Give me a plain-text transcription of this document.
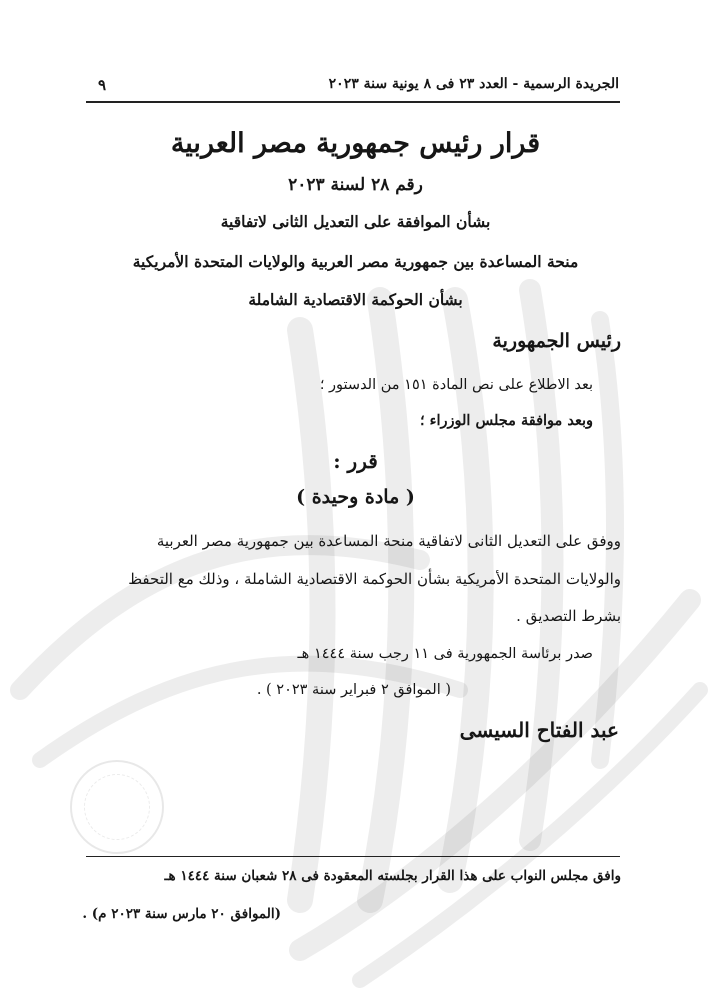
الجريدة الرسمية - العدد ٢٣ فى ٨ يونية سنة ٢٠٢٣
٩
قرار رئيس جمهورية مصر العربية
رقم ٢٨ لسنة ٢٠٢٣
بشأن الموافقة على التعديل الثانى لاتفاقية
منحة المساعدة بين جمهورية مصر العربية والولايات المتحدة الأمريكية
بشأن الحوكمة الاقتصادية الشاملة
رئيس الجمهورية
بعد الاطلاع على نص المادة ١٥١ من الدستور ؛
وبعد موافقة مجلس الوزراء ؛
قرر :
( مادة وحيدة )
ووفق على التعديل الثانى لاتفاقية منحة المساعدة بين جمهورية مصر العربية
والولايات المتحدة الأمريكية بشأن الحوكمة الاقتصادية الشاملة ، وذلك مع التحفظ
بشرط التصديق .
صدر برئاسة الجمهورية فى ١١ رجب سنة ١٤٤٤ هـ
( الموافق ٢ فبراير سنة ٢٠٢٣ ) .
عبد الفتاح السيسى
وافق مجلس النواب على هذا القرار بجلسته المعقودة فى ٢٨ شعبان سنة ١٤٤٤ هـ
(الموافق ٢٠ مارس سنة ٢٠٢٣ م) .
